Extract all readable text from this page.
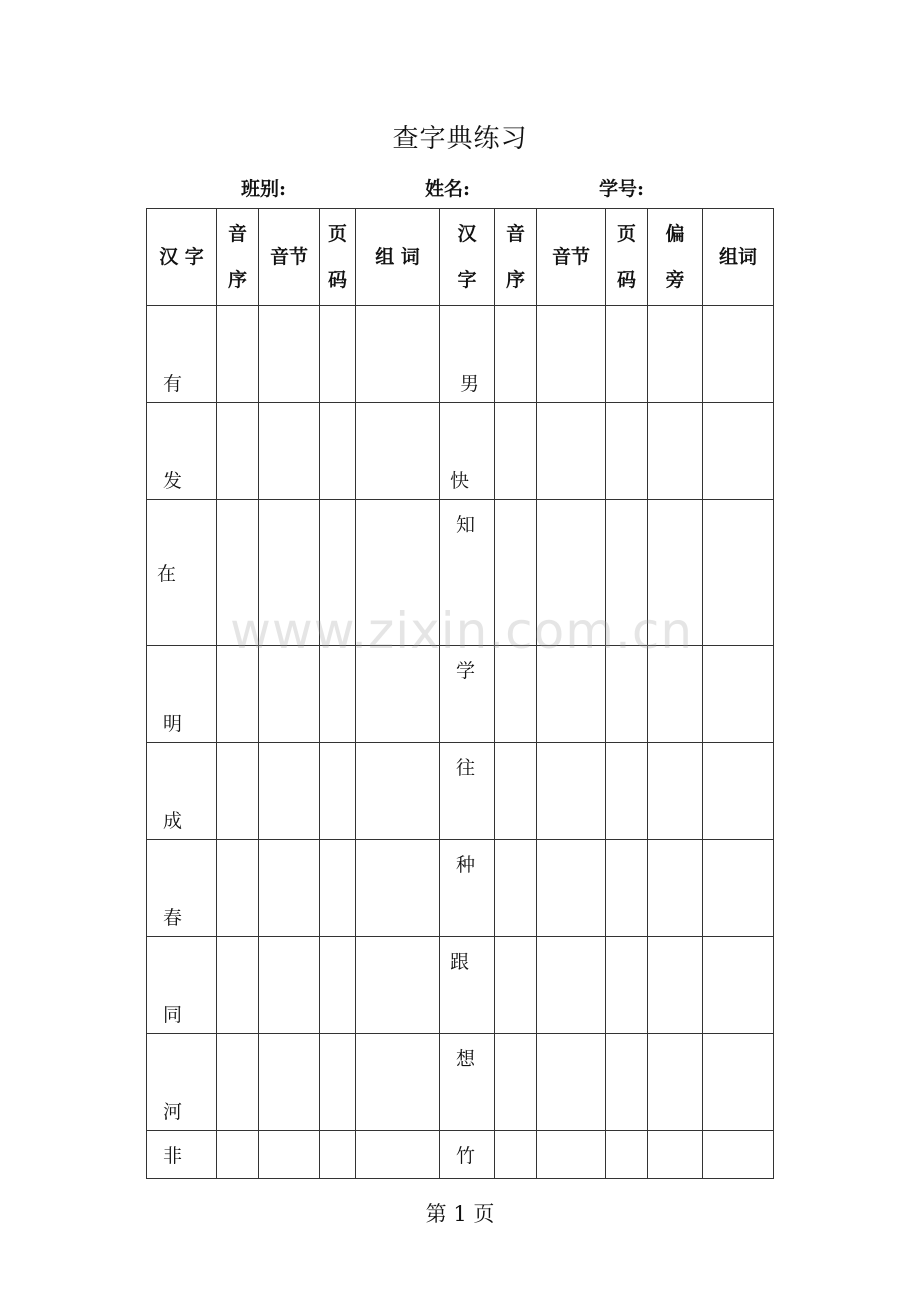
查字典练习
班别:	姓名:	学号:
汉 字	音 序	音节	页 码	组 词	汉 字	音 序	音节	页 码	偏 旁	组词
有					男					
发					快					
在					知					
明					学					
成					往					
春					种					
同					跟					
河					想					
非					竹					
www.zixin.com.cn
第 1 页
